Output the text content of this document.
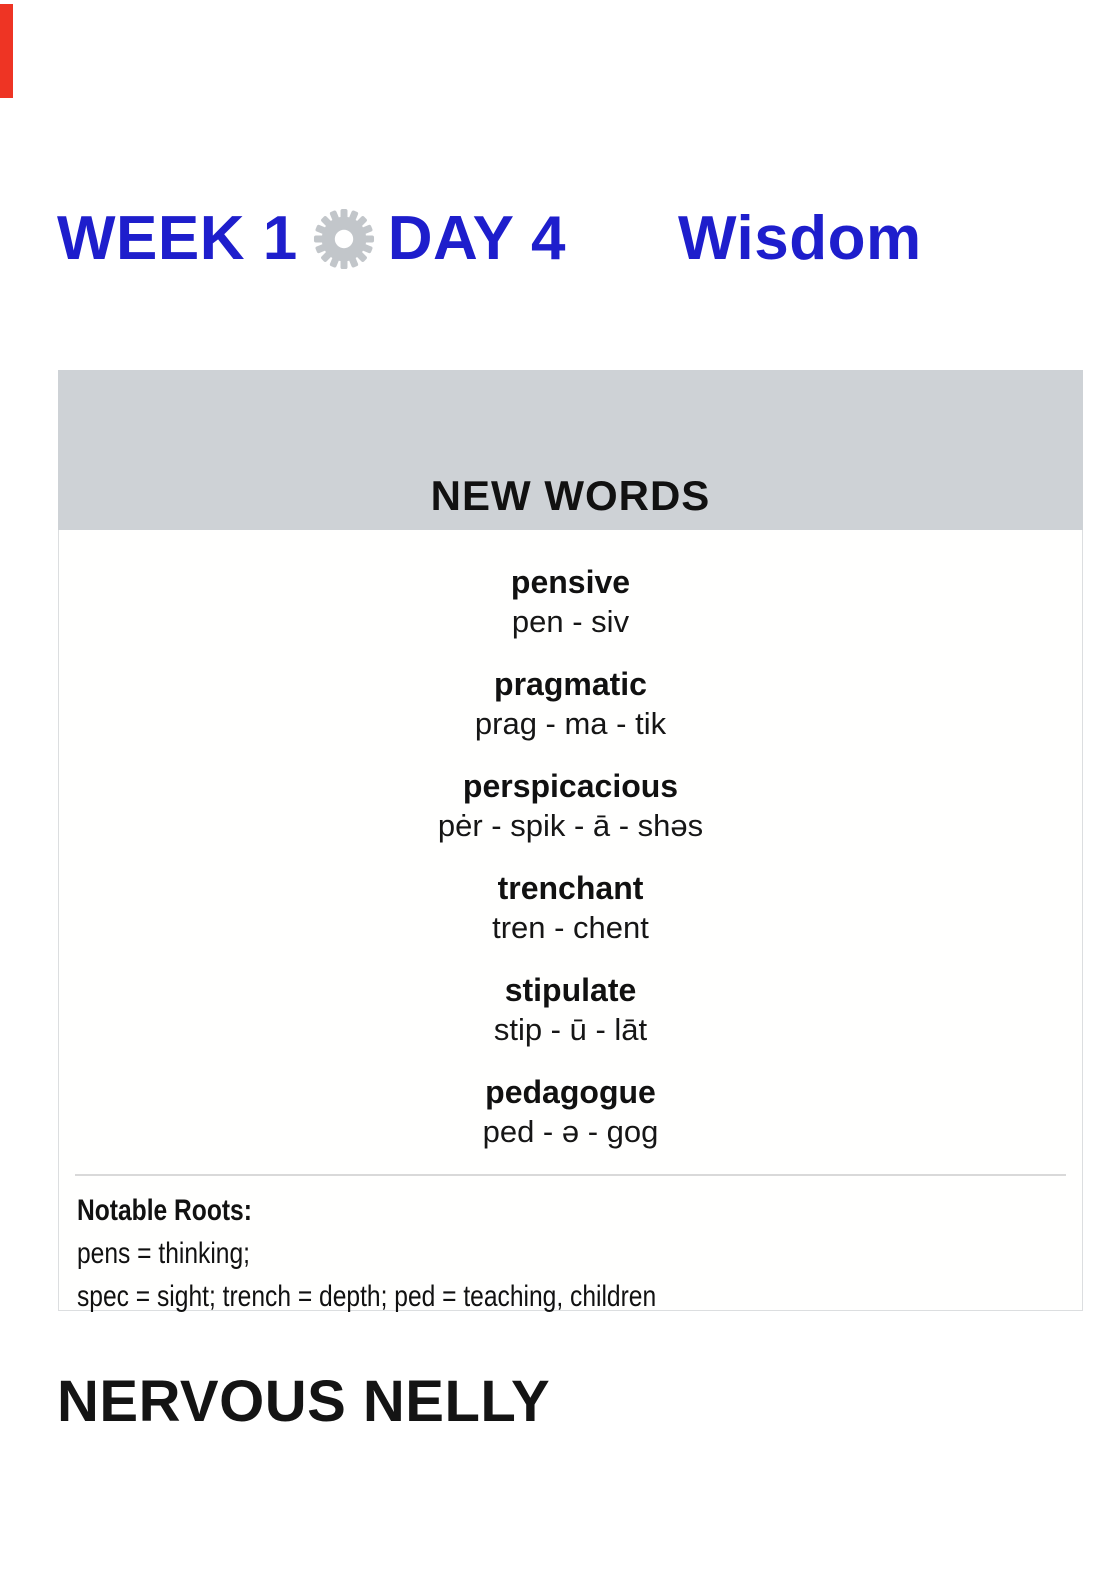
WEEK 1 DAY 4 Wisdom
NEW WORDS
pensive
pen - siv
pragmatic
prag - ma - tik
perspicacious
pėr - spik - ā - shəs
trenchant
tren - chent
stipulate
stip - ū - lāt
pedagogue
ped - ə - gog
Notable Roots:
pens = thinking;
spec = sight; trench = depth; ped = teaching, children
NERVOUS NELLY
